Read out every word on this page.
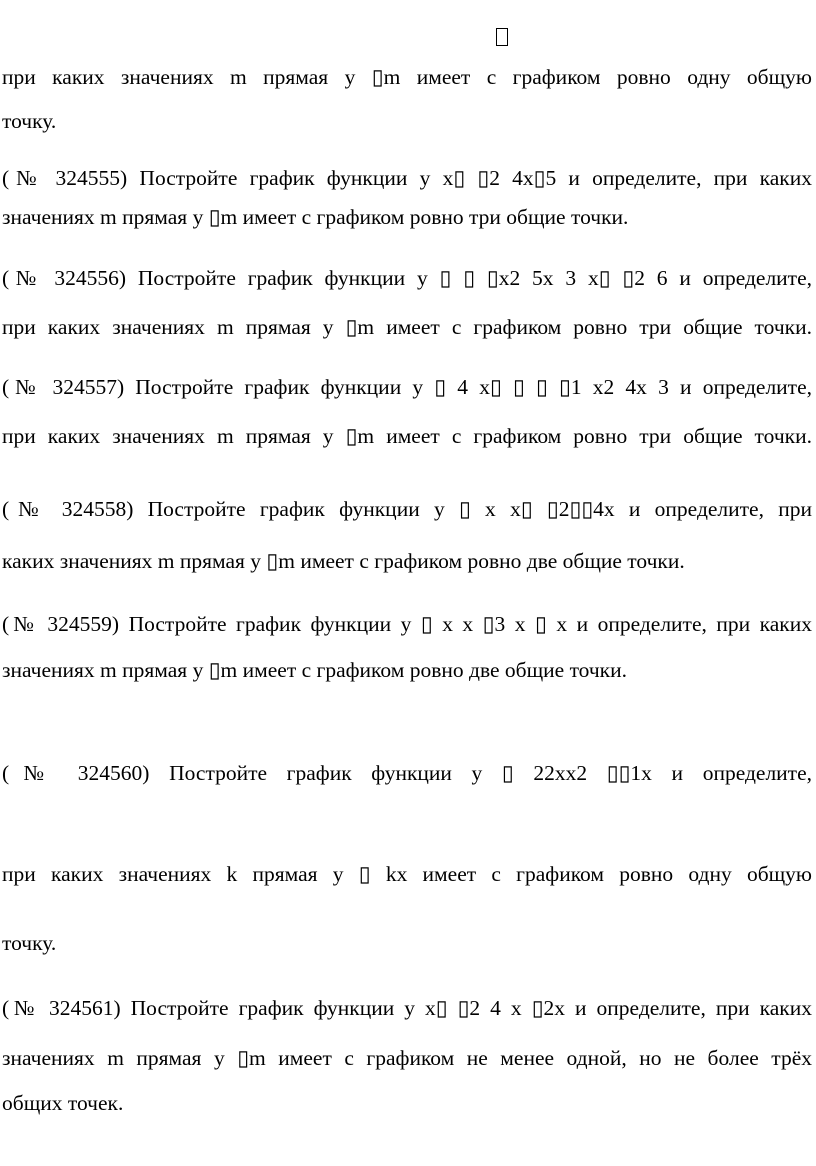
при каких значениях m прямая y ▯m имеет с графиком ровно одну общую
точку.
(№ 324555) Постройте график функции y x▯ ▯2 4x▯5 и определите, при каких
значениях m прямая y ▯m имеет с графиком ровно три общие точки.
(№ 324556) Постройте график функции y ▯ ▯ ▯x2 5x 3 x▯ ▯2 6 и определите,
при каких значениях m прямая y ▯m имеет с графиком ровно три общие точки.
(№ 324557) Постройте график функции y ▯ 4 x▯ ▯ ▯ ▯1 x2 4x 3 и определите,
при каких значениях m прямая y ▯m имеет с графиком ровно три общие точки.
(№ 324558) Постройте график функции y ▯ x x▯ ▯2▯▯4x и определите, при
каких значениях m прямая y ▯m имеет с графиком ровно две общие точки.
(№ 324559) Постройте график функции y ▯ x x ▯3 x ▯ x и определите, при каких
значениях m прямая y ▯m имеет с графиком ровно две общие точки.
(№ 324560) Постройте график функции y ▯ 22xx2 ▯▯1x и определите,
при каких значениях k прямая y ▯ kx имеет с графиком ровно одну общую
точку.
(№ 324561) Постройте график функции y x▯ ▯2 4 x ▯2x и определите, при каких
значениях m прямая y ▯m имеет с графиком не менее одной, но не более трёх
общих точек.
